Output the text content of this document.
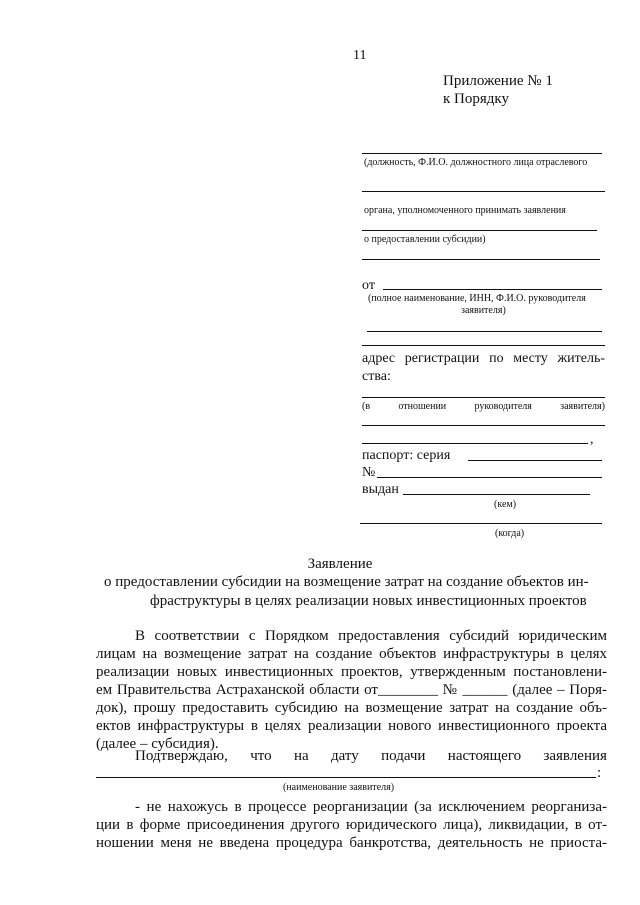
11
Приложение № 1
к Порядку
(должность, Ф.И.О. должностного лица отраслевого
органа, уполномоченного принимать заявления
о предоставлении субсидии)
от
(полное наименование, ИНН, Ф.И.О. руководителя
заявителя)
адрес регистрации по месту житель-
ства:
(в	отношении	руководителя	заявителя)
,
паспорт: серия
№
выдан
(кем)
(когда)
Заявление
о предоставлении субсидии на возмещение затрат на создание объектов ин-
фраструктуры в целях реализации новых инвестиционных проектов
В соответствии с Порядком предоставления субсидий юридическим
лицам на возмещение затрат на создание объектов инфраструктуры в целях
реализации новых инвестиционных проектов, утвержденным постановлени-
ем Правительства Астраханской области от________ № ______ (далее – Поря-
док), прошу предоставить субсидию на возмещение затрат на создание объ-
ектов инфраструктуры в целях реализации нового инвестиционного проекта
(далее – субсидия).
Подтверждаю, что на дату подачи настоящего заявления
:
(наименование заявителя)
- не нахожусь в процессе реорганизации (за исключением реорганиза-
ции в форме присоединения другого юридического лица), ликвидации, в от-
ношении меня не введена процедура банкротства, деятельность не приоста-
